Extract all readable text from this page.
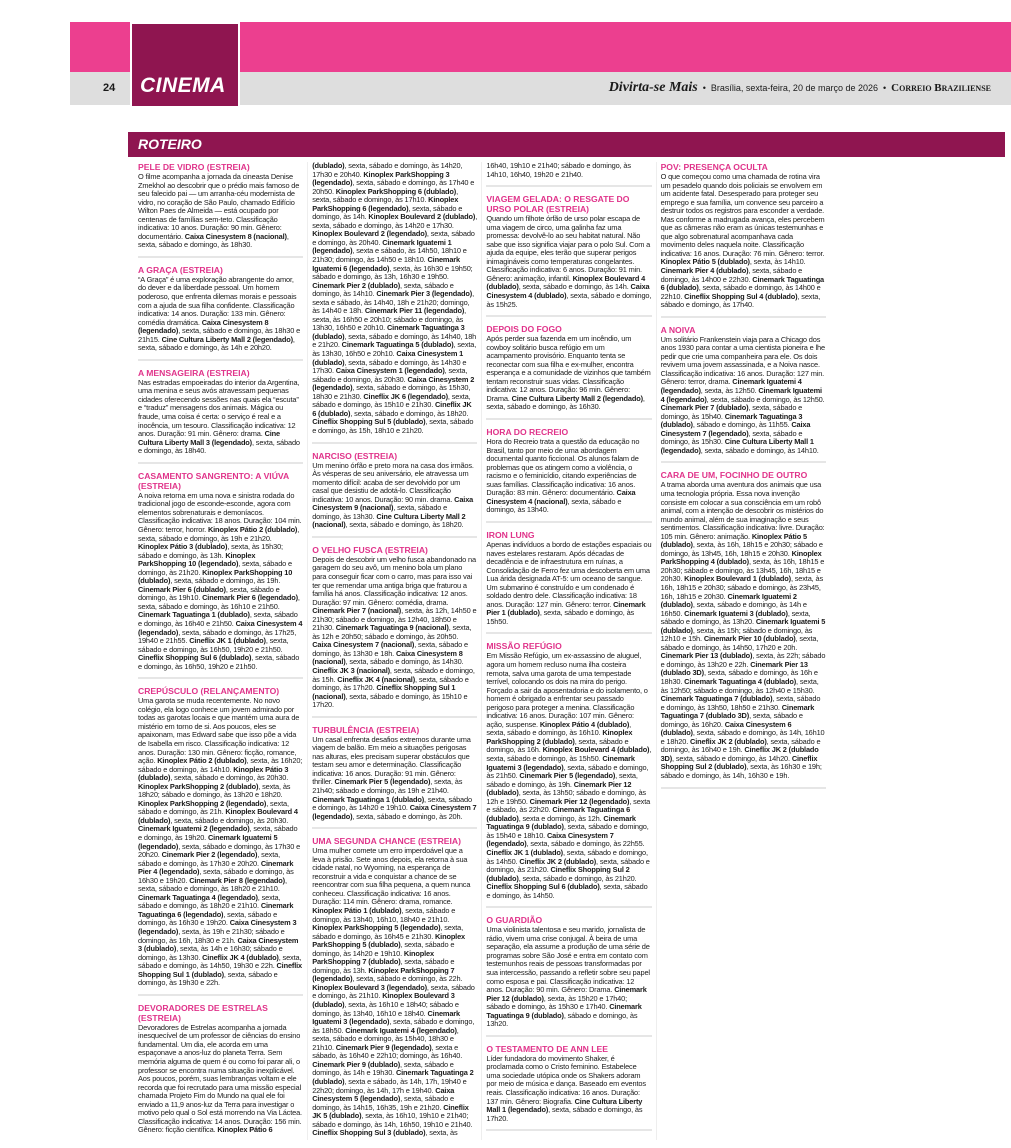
24 CINEMA	Divirta-se Mais • Brasília, sexta-feira, 20 de março de 2026 • Correio Braziliense
ROTEIRO
PELE DE VIDRO (ESTREIA)

O filme acompanha a jornada da cineasta Denise Zmekhol ao descobrir que o prédio mais famoso de seu falecido pai — um arranha-céu modernista de vidro, no coração de São Paulo, chamado Edifício Wilton Paes de Almeida — está ocupado por centenas de famílias sem-teto. Classificação indicativa: 10 anos. Duração: 90 min. Gênero: documentário. Caixa Cinesystem 8 (nacional), sexta, sábado e domingo, às 18h30.

A GRAÇA (ESTREIA)

“A Graça” é uma exploração abrangente do amor, do dever e da liberdade pessoal. Um homem poderoso, que enfrenta dilemas morais e pessoais com a ajuda de sua filha confidente. Classificação indicativa: 14 anos. Duração: 133 min. Gênero: comédia dramática. Caixa Cinesystem 8 (legendado), sexta, sábado e domingo, às 18h30 e 21h15. Cine Cultura Liberty Mall 2 (legendado), sexta, sábado e domingo, às 14h e 20h20.

A MENSAGEIRA (ESTREIA)

Nas estradas empoeiradas do interior da Argentina, uma menina e seus avós atravessam pequenas cidades oferecendo sessões nas quais ela “escuta” e “traduz” mensagens dos animais. Mágica ou fraude, uma coisa é certa: o serviço é real e a inocência, um tesouro. Classificação indicativa: 12 anos. Duração: 91 min. Gênero: drama. Cine Cultura Liberty Mall 3 (legendado), sexta, sábado e domingo, às 18h40.

CASAMENTO SANGRENTO: A VIÚVA (ESTREIA)

A noiva retorna em uma nova e sinistra rodada do tradicional jogo de esconde-esconde, agora com elementos sobrenaturais e demoníacos. Classificação indicativa: 18 anos. Duração: 104 min. Gênero: terror, horror. Kinoplex Pátio 2 (dublado), sexta, sábado e domingo, às 19h e 21h20. Kinoplex Pátio 3 (dublado), sexta, às 15h30; sábado e domingo, às 13h. Kinoplex ParkShopping 10 (legendado), sexta, sábado e domingo, às 21h20. Kinoplex ParkShopping 10 (dublado), sexta, sábado e domingo, às 19h. Cinemark Pier 6 (dublado), sexta, sábado e domingo, às 19h10. Cinemark Pier 6 (legendado), sexta, sábado e domingo, às 16h10 e 21h50. Cinemark Taguatinga 1 (dublado), sexta, sábado e domingo, às 16h40 e 21h50. Caixa Cinesystem 4 (legendado), sexta, sábado e domingo, às 17h25, 19h40 e 21h55. Cineflix JK 1 (dublado), sexta, sábado e domingo, às 16h50, 19h20 e 21h50. Cineflix Shopping Sul 6 (dublado), sexta, sábado e domingo, às 16h50, 19h20 e 21h50.

CREPÚSCULO (RELANÇAMENTO)

Uma garota se muda recentemente. No novo colégio, ela logo conhece um jovem admirado por todas as garotas locais e que mantém uma aura de mistério em torno de si. Aos poucos, eles se apaixonam, mas Edward sabe que isso põe a vida de Isabella em risco. Classificação indicativa: 12 anos. Duração: 130 min. Gênero: ficção, romance, ação. Kinoplex Pátio 2 (dublado), sexta, às 16h20; sábado e domingo, às 14h10. Kinoplex Pátio 3 (dublado), sexta, sábado e domingo, às 20h30. Kinoplex ParkShopping 2 (dublado), sexta, às 18h20; sábado e domingo, às 13h20 e 18h20. Kinoplex ParkShopping 2 (legendado), sexta, sábado e domingo, às 21h. Kinoplex Boulevard 4 (dublado), sexta, sábado e domingo, às 20h30. Cinemark Iguatemi 2 (legendado), sexta, sábado e domingo, às 19h20. Cinemark Iguatemi 5 (legendado), sexta, sábado e domingo, às 17h30 e 20h20. Cinemark Pier 2 (legendado), sexta, sábado e domingo, às 17h30 e 20h20. Cinemark Pier 4 (legendado), sexta, sábado e domingo, às 16h30 e 19h20. Cinemark Pier 8 (legendado), sexta, sábado e domingo, às 18h20 e 21h10. Cinemark Taguatinga 4 (legendado), sexta, sábado e domingo, às 18h20 e 21h10. Cinemark Taguatinga 6 (legendado), sexta, sábado e domingo, às 16h30 e 19h20. Caixa Cinesystem 3 (legendado), sexta, às 19h e 21h30; sábado e domingo, às 16h, 18h30 e 21h. Caixa Cinesystem 3 (dublado), sexta, às 14h e 16h30; sábado e domingo, às 13h30. Cineflix JK 4 (dublado), sexta, sábado e domingo, às 14h50, 19h30 e 22h. Cineflix Shopping Sul 1 (dublado), sexta, sábado e domingo, às 19h30 e 22h.

DEVORADORES DE ESTRELAS (ESTREIA)

Devoradores de Estrelas acompanha a jornada inesquecível de um professor de ciências do ensino fundamental. Um dia, ele acorda em uma espaçonave a anos-luz do planeta Terra. Sem memória alguma de quem é ou como foi parar ali, o professor se encontra numa situação inexplicável. Aos poucos, porém, suas lembranças voltam e ele recorda que foi recrutado para uma missão especial chamada Projeto Fim do Mundo na qual ele foi enviado a 11,9 anos-luz da Terra para investigar o motivo pelo qual o Sol está morrendo na Via Láctea. Classificação indicativa: 14 anos. Duração: 156 min. Gênero: ficção científica. Kinoplex Pátio 6 (dublado), sexta, sábado e domingo, às 14h20, 17h30 e 20h40. Kinoplex ParkShopping 3 (legendado), sexta, sábado e domingo, às 17h40 e 20h50. Kinoplex ParkShopping 6 (dublado), sexta, sábado e domingo, às 17h10. Kinoplex ParkShopping 6 (legendado), sexta, sábado e domingo, às 14h. Kinoplex Boulevard 2 (dublado), sexta, sábado e domingo, às 14h20 e 17h30. Kinoplex Boulevard 2 (legendado), sexta, sábado e domingo, às 20h40. Cinemark Iguatemi 1 (legendado), sexta e sábado, às 14h50, 18h10 e 21h30; domingo, às 14h50 e 18h10. Cinemark Iguatemi 6 (legendado), sexta, às 16h30 e 19h50; sábado e domingo, às 13h, 16h30 e 19h50. Cinemark Pier 2 (dublado), sexta, sábado e domingo, às 14h10. Cinemark Pier 3 (legendado), sexta e sábado, às 14h40, 18h e 21h20; domingo, às 14h40 e 18h. Cinemark Pier 11 (legendado), sexta, às 16h50 e 20h10; sábado e domingo, às 13h30, 16h50 e 20h10. Cinemark Taguatinga 3 (dublado), sexta, sábado e domingo, às 14h40, 18h e 21h20. Cinemark Taguatinga 5 (dublado), sexta, às 13h30, 16h50 e 20h10. Caixa Cinesystem 1 (dublado), sexta, sábado e domingo, às 14h30 e 17h30. Caixa Cinesystem 1 (legendado), sexta, sábado e domingo, às 20h30. Caixa Cinesystem 2 (legendado), sexta, sábado e domingo, às 15h30, 18h30 e 21h30. Cineflix JK 6 (legendado), sexta, sábado e domingo, às 15h10 e 21h30. Cineflix JK 6 (dublado), sexta, sábado e domingo, às 18h20. Cineflix Shopping Sul 5 (dublado), sexta, sábado e domingo, às 15h, 18h10 e 21h20.

NARCISO (ESTREIA)

Um menino órfão e preto mora na casa dos irmãos. Às vésperas de seu aniversário, ele atravessa um momento difícil: acaba de ser devolvido por um casal que desistiu de adotá-lo. Classificação indicativa: 10 anos. Duração: 90 min. drama. Caixa Cinesystem 9 (nacional), sexta, sábado e domingo, às 13h30. Cine Cultura Liberty Mall 2 (nacional), sexta, sábado e domingo, às 18h20.

O VELHO FUSCA (ESTREIA)

Depois de descobrir um velho fusca abandonado na garagem do seu avô, um menino bola um plano para conseguir ficar com o carro, mas para isso vai ter que remendar uma antiga briga que fraturou a família há anos. Classificação indicativa: 12 anos. Duração: 97 min. Gênero: comédia, drama. Cinemark Pier 7 (nacional), sexta, às 12h, 14h50 e 21h30; sábado e domingo, às 12h40, 18h50 e 21h30. Cinemark Taguatinga 9 (nacional), sexta, às 12h e 20h50; sábado e domingo, às 20h50. Caixa Cinesystem 7 (nacional), sexta, sábado e domingo, às 13h30 e 18h. Caixa Cinesystem 8 (nacional), sexta, sábado e domingo, às 14h30. Cineflix JK 3 (nacional), sexta, sábado e domingo, às 15h. Cineflix JK 4 (nacional), sexta, sábado e domingo, às 17h20. Cineflix Shopping Sul 1 (nacional), sexta, sábado e domingo, às 15h10 e 17h20.

TURBULÊNCIA (ESTREIA)

Um casal enfrenta desafios extremos durante uma viagem de balão. Em meio a situações perigosas nas alturas, eles precisam superar obstáculos que testam seu amor e determinação. Classificação indicativa: 16 anos. Duração: 91 min. Gênero: thriller. Cinemark Pier 5 (legendado), sexta, às 21h40; sábado e domingo, às 19h e 21h40. Cinemark Taguatinga 1 (dublado), sexta, sábado e domingo, às 14h20 e 19h10. Caixa Cinesystem 7 (legendado), sexta, sábado e domingo, às 20h.

UMA SEGUNDA CHANCE (ESTREIA)

Uma mulher comete um erro imperdoável que a leva à prisão. Sete anos depois, ela retorna à sua cidade natal, no Wyoming, na esperança de reconstruir a vida e conquistar a chance de se reencontrar com sua filha pequena, a quem nunca conheceu. Classificação indicativa: 16 anos. Duração: 114 min. Gênero: drama, romance. Kinoplex Pátio 1 (dublado), sexta, sábado e domingo, às 13h40, 16h10, 18h40 e 21h10. Kinoplex ParkShopping 5 (legendado), sexta, sábado e domingo, às 16h45 e 21h30. Kinoplex ParkShopping 5 (dublado), sexta, sábado e domingo, às 14h20 e 19h10. Kinoplex ParkShopping 7 (dublado), sexta, sábado e domingo, às 13h. Kinoplex ParkShopping 7 (legendado), sexta, sábado e domingo, às 22h. Kinoplex Boulevard 3 (legendado), sexta, sábado e domingo, às 21h10. Kinoplex Boulevard 3 (dublado), sexta, às 16h10 e 18h40; sábado e domingo, às 13h40, 16h10 e 18h40. Cinemark Iguatemi 3 (legendado), sexta, sábado e domingo, às 18h50. Cinemark Iguatemi 4 (legendado), sexta, sábado e domingo, às 15h40, 18h30 e 21h10. Cinemark Pier 9 (legendado), sexta e sábado, às 16h40 e 22h10; domingo, às 16h40. Cinemark Pier 9 (dublado), sexta, sábado e domingo, às 14h e 19h30. Cinemark Taguatinga 2 (dublado), sexta e sábado, às 14h, 17h, 19h40 e 22h20; domingo, às 14h, 17h e 19h40. Caixa Cinesystem 5 (legendado), sexta, sábado e domingo, às 14h15, 16h35, 19h e 21h20. Cineflix JK 5 (dublado), sexta, às 16h10, 19h10 e 21h40; sábado e domingo, às 14h, 16h50, 19h10 e 21h40. Cineflix Shopping Sul 3 (dublado), sexta, às 16h40, 19h10 e 21h40; sábado e domingo, às 14h10, 16h40, 19h20 e 21h40.

VIAGEM GELADA: O RESGATE DO URSO POLAR (ESTREIA)

Quando um filhote órfão de urso polar escapa de uma viagem de circo, uma galinha faz uma promessa: devolvê-lo ao seu habitat natural. Não sabe que isso significa viajar para o polo Sul. Com a ajuda da equipe, eles terão que superar perigos inimagináveis como temperaturas congelantes. Classificação indicativa: 6 anos. Duração: 91 min. Gênero: animação, infantil. Kinoplex Boulevard 4 (dublado), sexta, sábado e domingo, às 14h. Caixa Cinesystem 4 (dublado), sexta, sábado e domingo, às 15h25.

DEPOIS DO FOGO

Após perder sua fazenda em um incêndio, um cowboy solitário busca refúgio em um acampamento provisório. Enquanto tenta se reconectar com sua filha e ex-mulher, encontra esperança e a comunidade de vizinhos que também tentam reconstruir suas vidas. Classificação indicativa: 12 anos. Duração: 96 min. Gênero: Drama. Cine Cultura Liberty Mall 2 (legendado), sexta, sábado e domingo, às 16h30.

HORA DO RECREIO

Hora do Recreio trata a questão da educação no Brasil, tanto por meio de uma abordagem documental quanto ficcional. Os alunos falam de problemas que os atingem como a violência, o racismo e o feminicídio, citando experiências de suas famílias. Classificação indicativa: 16 anos. Duração: 83 min. Gênero: documentário. Caixa Cinesystem 4 (nacional), sexta, sábado e domingo, às 13h40.

IRON LUNG

Apenas indivíduos a bordo de estações espaciais ou naves estelares restaram. Após décadas de decadência e de infraestrutura em ruínas, a Consolidação de Ferro fez uma descoberta em uma Lua árida designada AT-5: um oceano de sangue. Um submarino é construído e um condenado é soldado dentro dele. Classificação indicativa: 18 anos. Duração: 127 min. Gênero: terror. Cinemark Pier 1 (dublado), sexta, sábado e domingo, às 15h50.

MISSÃO REFÚGIO

Em Missão Refúgio, um ex-assassino de aluguel, agora um homem recluso numa ilha costeira remota, salva uma garota de uma tempestade terrível, colocando os dois na mira do perigo. Forçado a sair da aposentadoria e do isolamento, o homem é obrigado a enfrentar seu passado perigoso para proteger a menina. Classificação indicativa: 16 anos. Duração: 107 min. Gênero: ação, suspense. Kinoplex Pátio 4 (dublado), sexta, sábado e domingo, às 16h10. Kinoplex ParkShopping 2 (dublado), sexta, sábado e domingo, às 16h. Kinoplex Boulevard 4 (dublado), sexta, sábado e domingo, às 15h50. Cinemark Iguatemi 3 (legendado), sexta, sábado e domingo, às 21h50. Cinemark Pier 5 (legendado), sexta, sábado e domingo, às 19h. Cinemark Pier 12 (dublado), sexta, às 13h50; sábado e domingo, às 12h e 19h50. Cinemark Pier 12 (legendado), sexta e sábado, às 22h20. Cinemark Taguatinga 6 (dublado), sexta e domingo, às 12h. Cinemark Taguatinga 9 (dublado), sexta, sábado e domingo, às 15h40 e 18h10. Caixa Cinesystem 7 (legendado), sexta, sábado e domingo, às 22h55. Cineflix JK 1 (dublado), sexta, sábado e domingo, às 14h50. Cineflix JK 2 (dublado), sexta, sábado e domingo, às 21h20. Cineflix Shopping Sul 2 (dublado), sexta, sábado e domingo, às 21h20. Cineflix Shopping Sul 6 (dublado), sexta, sábado e domingo, às 14h50.

O GUARDIÃO

Uma violinista talentosa e seu marido, jornalista de rádio, vivem uma crise conjugal. À beira de uma separação, ela assume a produção de uma série de programas sobre São José e entra em contato com testemunhos reais de pessoas transformadas por sua intercessão, passando a refletir sobre seu papel como esposa e pai. Classificação indicativa: 12 anos. Duração: 90 min. Gênero: Drama. Cinemark Pier 12 (dublado), sexta, às 15h20 e 17h40; sábado e domingo, às 15h30 e 17h40. Cinemark Taguatinga 9 (dublado), sábado e domingo, às 13h20.

O TESTAMENTO DE ANN LEE

Líder fundadora do movimento Shaker, é proclamada como o Cristo feminino. Estabelece uma sociedade utópica onde os Shakers adoram por meio de música e dança. Baseado em eventos reais. Classificação indicativa: 16 anos. Duração: 137 min. Gênero: Biografia. Cine Cultura Liberty Mall 1 (legendado), sexta, sábado e domingo, às 17h20.

POV: PRESENÇA OCULTA

O que começou como uma chamada de rotina vira um pesadelo quando dois policiais se envolvem em um acidente fatal. Desesperado para proteger seu emprego e sua família, um convence seu parceiro a destruir todos os registros para esconder a verdade. Mas conforme a madrugada avança, eles percebem que as câmeras não eram as únicas testemunhas e que algo sobrenatural acompanhava cada movimento deles naquela noite. Classificação indicativa: 16 anos. Duração: 76 min. Gênero: terror. Kinoplex Pátio 5 (dublado), sexta, às 14h10. Cinemark Pier 4 (dublado), sexta, sábado e domingo, às 14h00 e 22h30. Cinemark Taguatinga 6 (dublado), sexta, sábado e domingo, às 14h00 e 22h10. Cineflix Shopping Sul 4 (dublado), sexta, sábado e domingo, às 17h40.

A NOIVA

Um solitário Frankenstein viaja para a Chicago dos anos 1930 para contar a uma cientista pioneira e lhe pedir que crie uma companheira para ele. Os dois revivem uma jovem assassinada, e a Noiva nasce. Classificação indicativa: 16 anos. Duração: 127 min. Gênero: terror, drama. Cinemark Iguatemi 4 (legendado), sexta, às 12h50. Cinemark Iguatemi 4 (legendado), sexta, sábado e domingo, às 12h50. Cinemark Pier 7 (dublado), sexta, sábado e domingo, às 15h40. Cinemark Taguatinga 3 (dublado), sábado e domingo, às 11h55. Caixa Cinesystem 7 (legendado), sexta, sábado e domingo, às 15h30. Cine Cultura Liberty Mall 1 (legendado), sexta, sábado e domingo, às 14h10.

CARA DE UM, FOCINHO DE OUTRO

A trama aborda uma aventura dos animais que usa uma tecnologia própria. Essa nova invenção consiste em colocar a sua consciência em um robô animal, com a intenção de descobrir os mistérios do mundo animal, além de sua imaginação e seus sentimentos. Classificação indicativa: livre. Duração: 105 min. Gênero: animação. Kinoplex Pátio 5 (dublado), sexta, às 16h, 18h15 e 20h30; sábado e domingo, às 13h45, 16h, 18h15 e 20h30. Kinoplex ParkShopping 4 (dublado), sexta, às 16h, 18h15 e 20h30; sábado e domingo, às 13h45, 16h, 18h15 e 20h30. Kinoplex Boulevard 1 (dublado), sexta, às 16h, 18h15 e 20h30; sábado e domingo, às 23h45, 16h, 18h15 e 20h30. Cinemark Iguatemi 2 (dublado), sexta, sábado e domingo, às 14h e 16h50. Cinemark Iguatemi 3 (dublado), sexta, sábado e domingo, às 13h20. Cinemark Iguatemi 5 (dublado), sexta, às 15h; sábado e domingo, às 12h10 e 15h. Cinemark Pier 10 (dublado), sexta, sábado e domingo, às 14h50, 17h20 e 20h. Cinemark Pier 13 (dublado), sexta, às 22h; sábado e domingo, às 13h20 e 22h. Cinemark Pier 13 (dublado 3D), sexta, sábado e domingo, às 16h e 18h30. Cinemark Taguatinga 4 (dublado), sexta, às 12h50; sábado e domingo, às 12h40 e 15h30. Cinemark Taguatinga 7 (dublado), sexta, sábado e domingo, às 13h50, 18h50 e 21h30. Cinemark Taguatinga 7 (dublado 3D), sexta, sábado e domingo, às 16h20. Caixa Cinesystem 6 (dublado), sexta, sábado e domingo, às 14h, 16h10 e 18h20. Cineflix JK 2 (dublado), sexta, sábado e domingo, às 16h40 e 19h. Cineflix JK 2 (dublado 3D), sexta, sábado e domingo, às 14h20. Cineflix Shopping Sul 2 (dublado), sexta, às 16h30 e 19h; sábado e domingo, às 14h, 16h30 e 19h.
